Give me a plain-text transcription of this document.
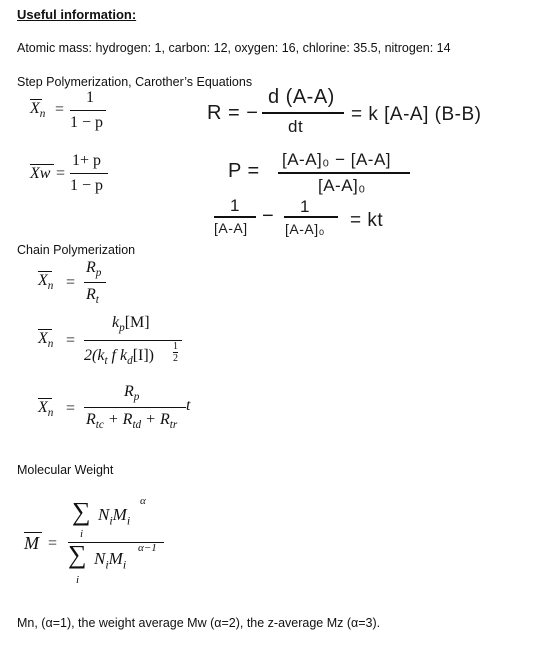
Useful information:
Atomic mass: hydrogen: 1, carbon: 12, oxygen: 16, chlorine: 35.5, nitrogen: 14
Step Polymerization, Carother’s Equations
$X_n$ =
1
1 − p
Xw =
1+ p
1 − p
R = −
d (A-A)
dt
= k [A-A] (B-B)
P =
[A-A]₀ − [A-A]
[A-A]₀
1
[A-A]
− 1
[A-A]₀ = kt
Chain Polymerization
$X_n$ =
$R_p$
$R_t$
$X_n$ =
$k_p[M]$
$2(k_t$ f $k_d[I]$)
1
2
$X_n$ =
$R_p$
$R_{tc} + R_{td} + R_{tr}$
t
Molecular Weight
M =
∑ $N_iM_i$
α
i
∑ $N_iM_i$
α−1
i
Mn, (α=1), the weight average Mw (α=2), the z-average Mz (α=3).
